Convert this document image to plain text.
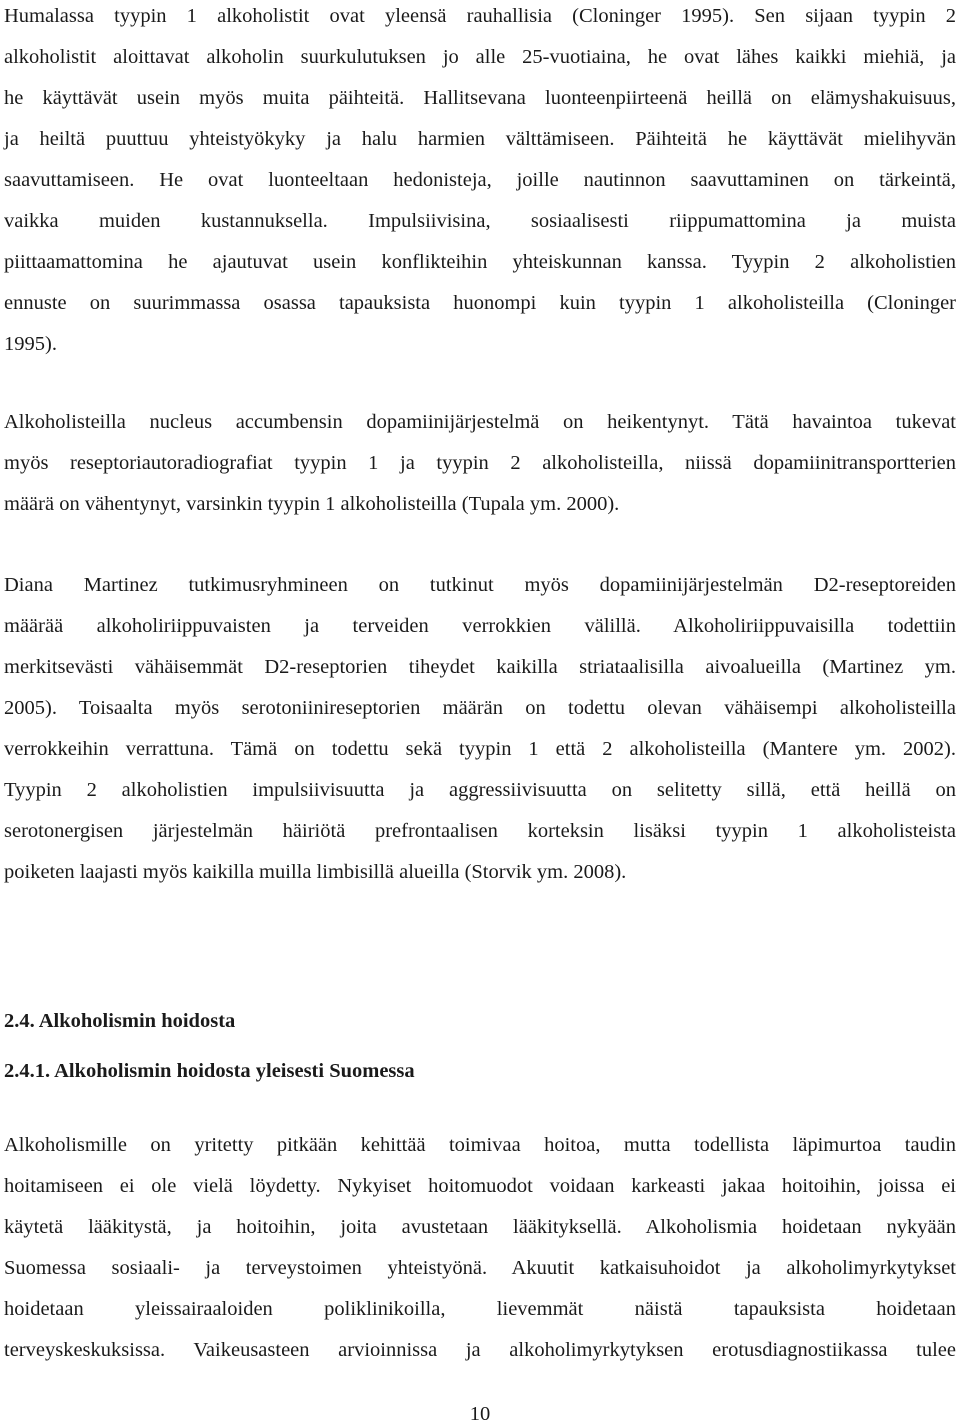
Humalassa tyypin 1 alkoholistit ovat yleensä rauhallisia (Cloninger 1995). Sen sijaan tyypin 2
alkoholistit aloittavat alkoholin suurkulutuksen jo alle 25-vuotiaina, he ovat lähes kaikki miehiä, ja
he käyttävät usein myös muita päihteitä. Hallitsevana luonteenpiirteenä heillä on elämyshakuisuus,
ja heiltä puuttuu yhteistyökyky ja halu harmien välttämiseen. Päihteitä he käyttävät mielihyvän
saavuttamiseen. He ovat luonteeltaan hedonisteja, joille nautinnon saavuttaminen on tärkeintä,
vaikka muiden kustannuksella. Impulsiivisina, sosiaalisesti riippumattomina ja muista
piittaamattomina he ajautuvat usein konflikteihin yhteiskunnan kanssa. Tyypin 2 alkoholistien
ennuste on suurimmassa osassa tapauksista huonompi kuin tyypin 1 alkoholisteilla (Cloninger
1995).
Alkoholisteilla nucleus accumbensin dopamiinijärjestelmä on heikentynyt. Tätä havaintoa tukevat
myös reseptoriautoradiografiat tyypin 1 ja tyypin 2 alkoholisteilla, niissä dopamiinitransportterien
määrä on vähentynyt, varsinkin tyypin 1 alkoholisteilla (Tupala ym. 2000).
Diana Martinez tutkimusryhmineen on tutkinut myös dopamiinijärjestelmän D2-reseptoreiden
määrää alkoholiriippuvaisten ja terveiden verrokkien välillä. Alkoholiriippuvaisilla todettiin
merkitsevästi vähäisemmät D2-reseptorien tiheydet kaikilla striataalisilla aivoalueilla (Martinez ym.
2005). Toisaalta myös serotoniinireseptorien määrän on todettu olevan vähäisempi alkoholisteilla
verrokkeihin verrattuna. Tämä on todettu sekä tyypin 1 että 2 alkoholisteilla (Mantere ym. 2002).
Tyypin 2 alkoholistien impulsiivisuutta ja aggressiivisuutta on selitetty sillä, että heillä on
serotonergisen järjestelmän häiriötä prefrontaalisen korteksin lisäksi tyypin 1 alkoholisteista
poiketen laajasti myös kaikilla muilla limbisillä alueilla (Storvik ym. 2008).
2.4. Alkoholismin hoidosta
2.4.1. Alkoholismin hoidosta yleisesti Suomessa
Alkoholismille on yritetty pitkään kehittää toimivaa hoitoa, mutta todellista läpimurtoa taudin
hoitamiseen ei ole vielä löydetty. Nykyiset hoitomuodot voidaan karkeasti jakaa hoitoihin, joissa ei
käytetä lääkitystä, ja hoitoihin, joita avustetaan lääkityksellä. Alkoholismia hoidetaan nykyään
Suomessa sosiaali- ja terveystoimen yhteistyönä. Akuutit katkaisuhoidot ja alkoholimyrkytykset
hoidetaan yleissairaaloiden poliklinikoilla, lievemmät näistä tapauksista hoidetaan
terveyskeskuksissa. Vaikeusasteen arvioinnissa ja alkoholimyrkytyksen erotusdiagnostiikassa tulee
10
